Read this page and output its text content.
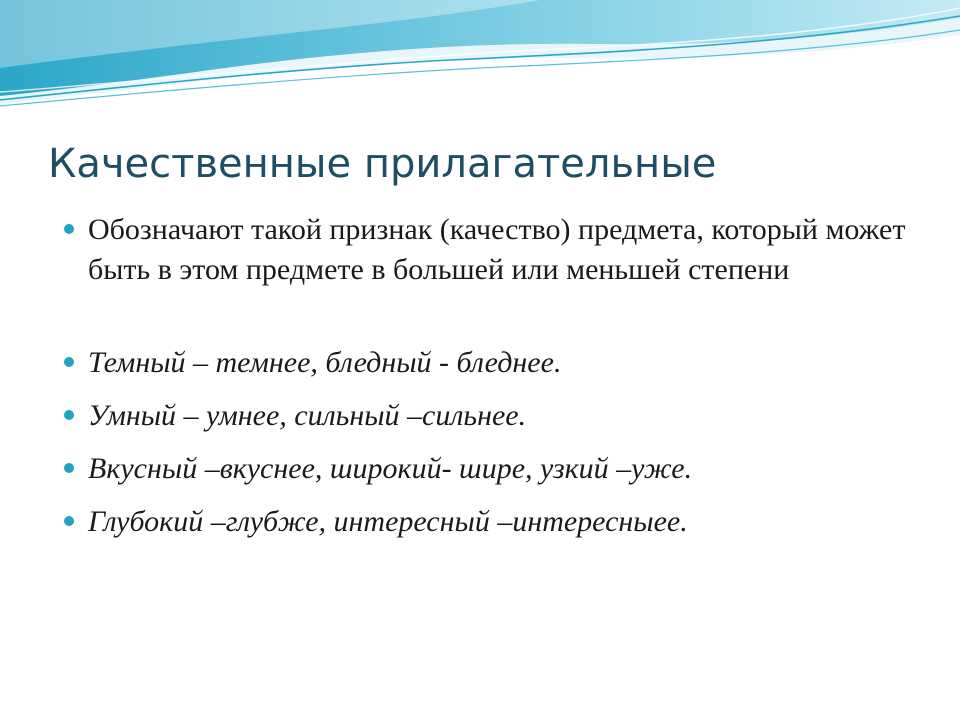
Качественные прилагательные
Обозначают такой признак (качество) предмета, который может быть в этом предмете в большей или меньшей степени
Темный – темнее, бледный - бледнее.
Умный – умнее, сильный –сильнее.
Вкусный –вкуснее, широкий- шире, узкий –уже.
Глубокий –глубже, интересный –интересныее.
